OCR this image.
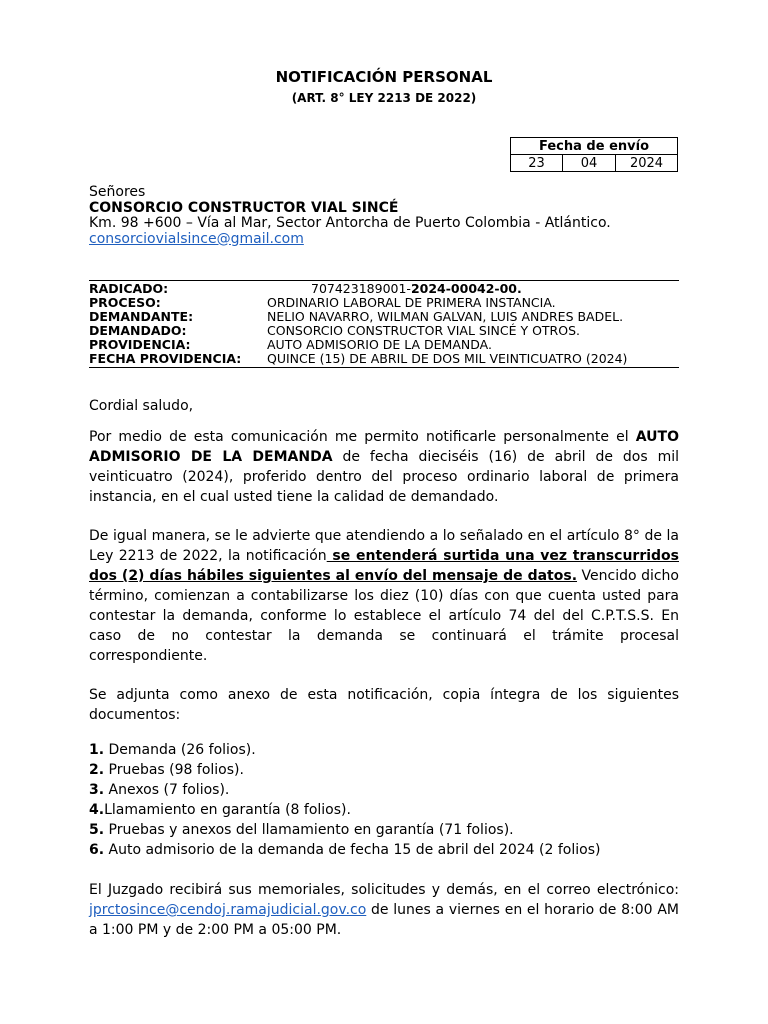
NOTIFICACIÓN PERSONAL
(ART. 8° LEY 2213 DE 2022)
Fecha de envío
23	04	2024
Señores
CONSORCIO CONSTRUCTOR VIAL SINCÉ
Km. 98 +600 – Vía al Mar, Sector Antorcha de Puerto Colombia - Atlántico.
consorciovialsince@gmail.com
RADICADO:	707423189001-2024-00042-00.
PROCESO:	ORDINARIO LABORAL DE PRIMERA INSTANCIA.
DEMANDANTE:	NELIO NAVARRO, WILMAN GALVAN, LUIS ANDRES BADEL.
DEMANDADO:	CONSORCIO CONSTRUCTOR VIAL SINCÉ Y OTROS.
PROVIDENCIA:	AUTO ADMISORIO DE LA DEMANDA.
FECHA PROVIDENCIA:	QUINCE (15) DE ABRIL DE DOS MIL VEINTICUATRO (2024)
Cordial saludo,
Por medio de esta comunicación me permito notificarle personalmente el AUTO ADMISORIO DE LA DEMANDA de fecha dieciséis (16) de abril de dos mil veinticuatro (2024), proferido dentro del proceso ordinario laboral de primera instancia, en el cual usted tiene la calidad de demandado.
De igual manera, se le advierte que atendiendo a lo señalado en el artículo 8° de la Ley 2213 de 2022, la notificación se entenderá surtida una vez transcurridos dos (2) días hábiles siguientes al envío del mensaje de datos. Vencido dicho término, comienzan a contabilizarse los diez (10) días con que cuenta usted para contestar la demanda, conforme lo establece el artículo 74 del del C.P.T.S.S. En caso de no contestar la demanda se continuará el trámite procesal correspondiente.
Se adjunta como anexo de esta notificación, copia íntegra de los siguientes documentos:
1. Demanda (26 folios).
2. Pruebas (98 folios).
3. Anexos (7 folios).
4.Llamamiento en garantía (8 folios).
5. Pruebas y anexos del llamamiento en garantía (71 folios).
6. Auto admisorio de la demanda de fecha 15 de abril del 2024 (2 folios)
El Juzgado recibirá sus memoriales, solicitudes y demás, en el correo electrónico: jprctosince@cendoj.ramajudicial.gov.co de lunes a viernes en el horario de 8:00 AM a 1:00 PM y de 2:00 PM a 05:00 PM.
